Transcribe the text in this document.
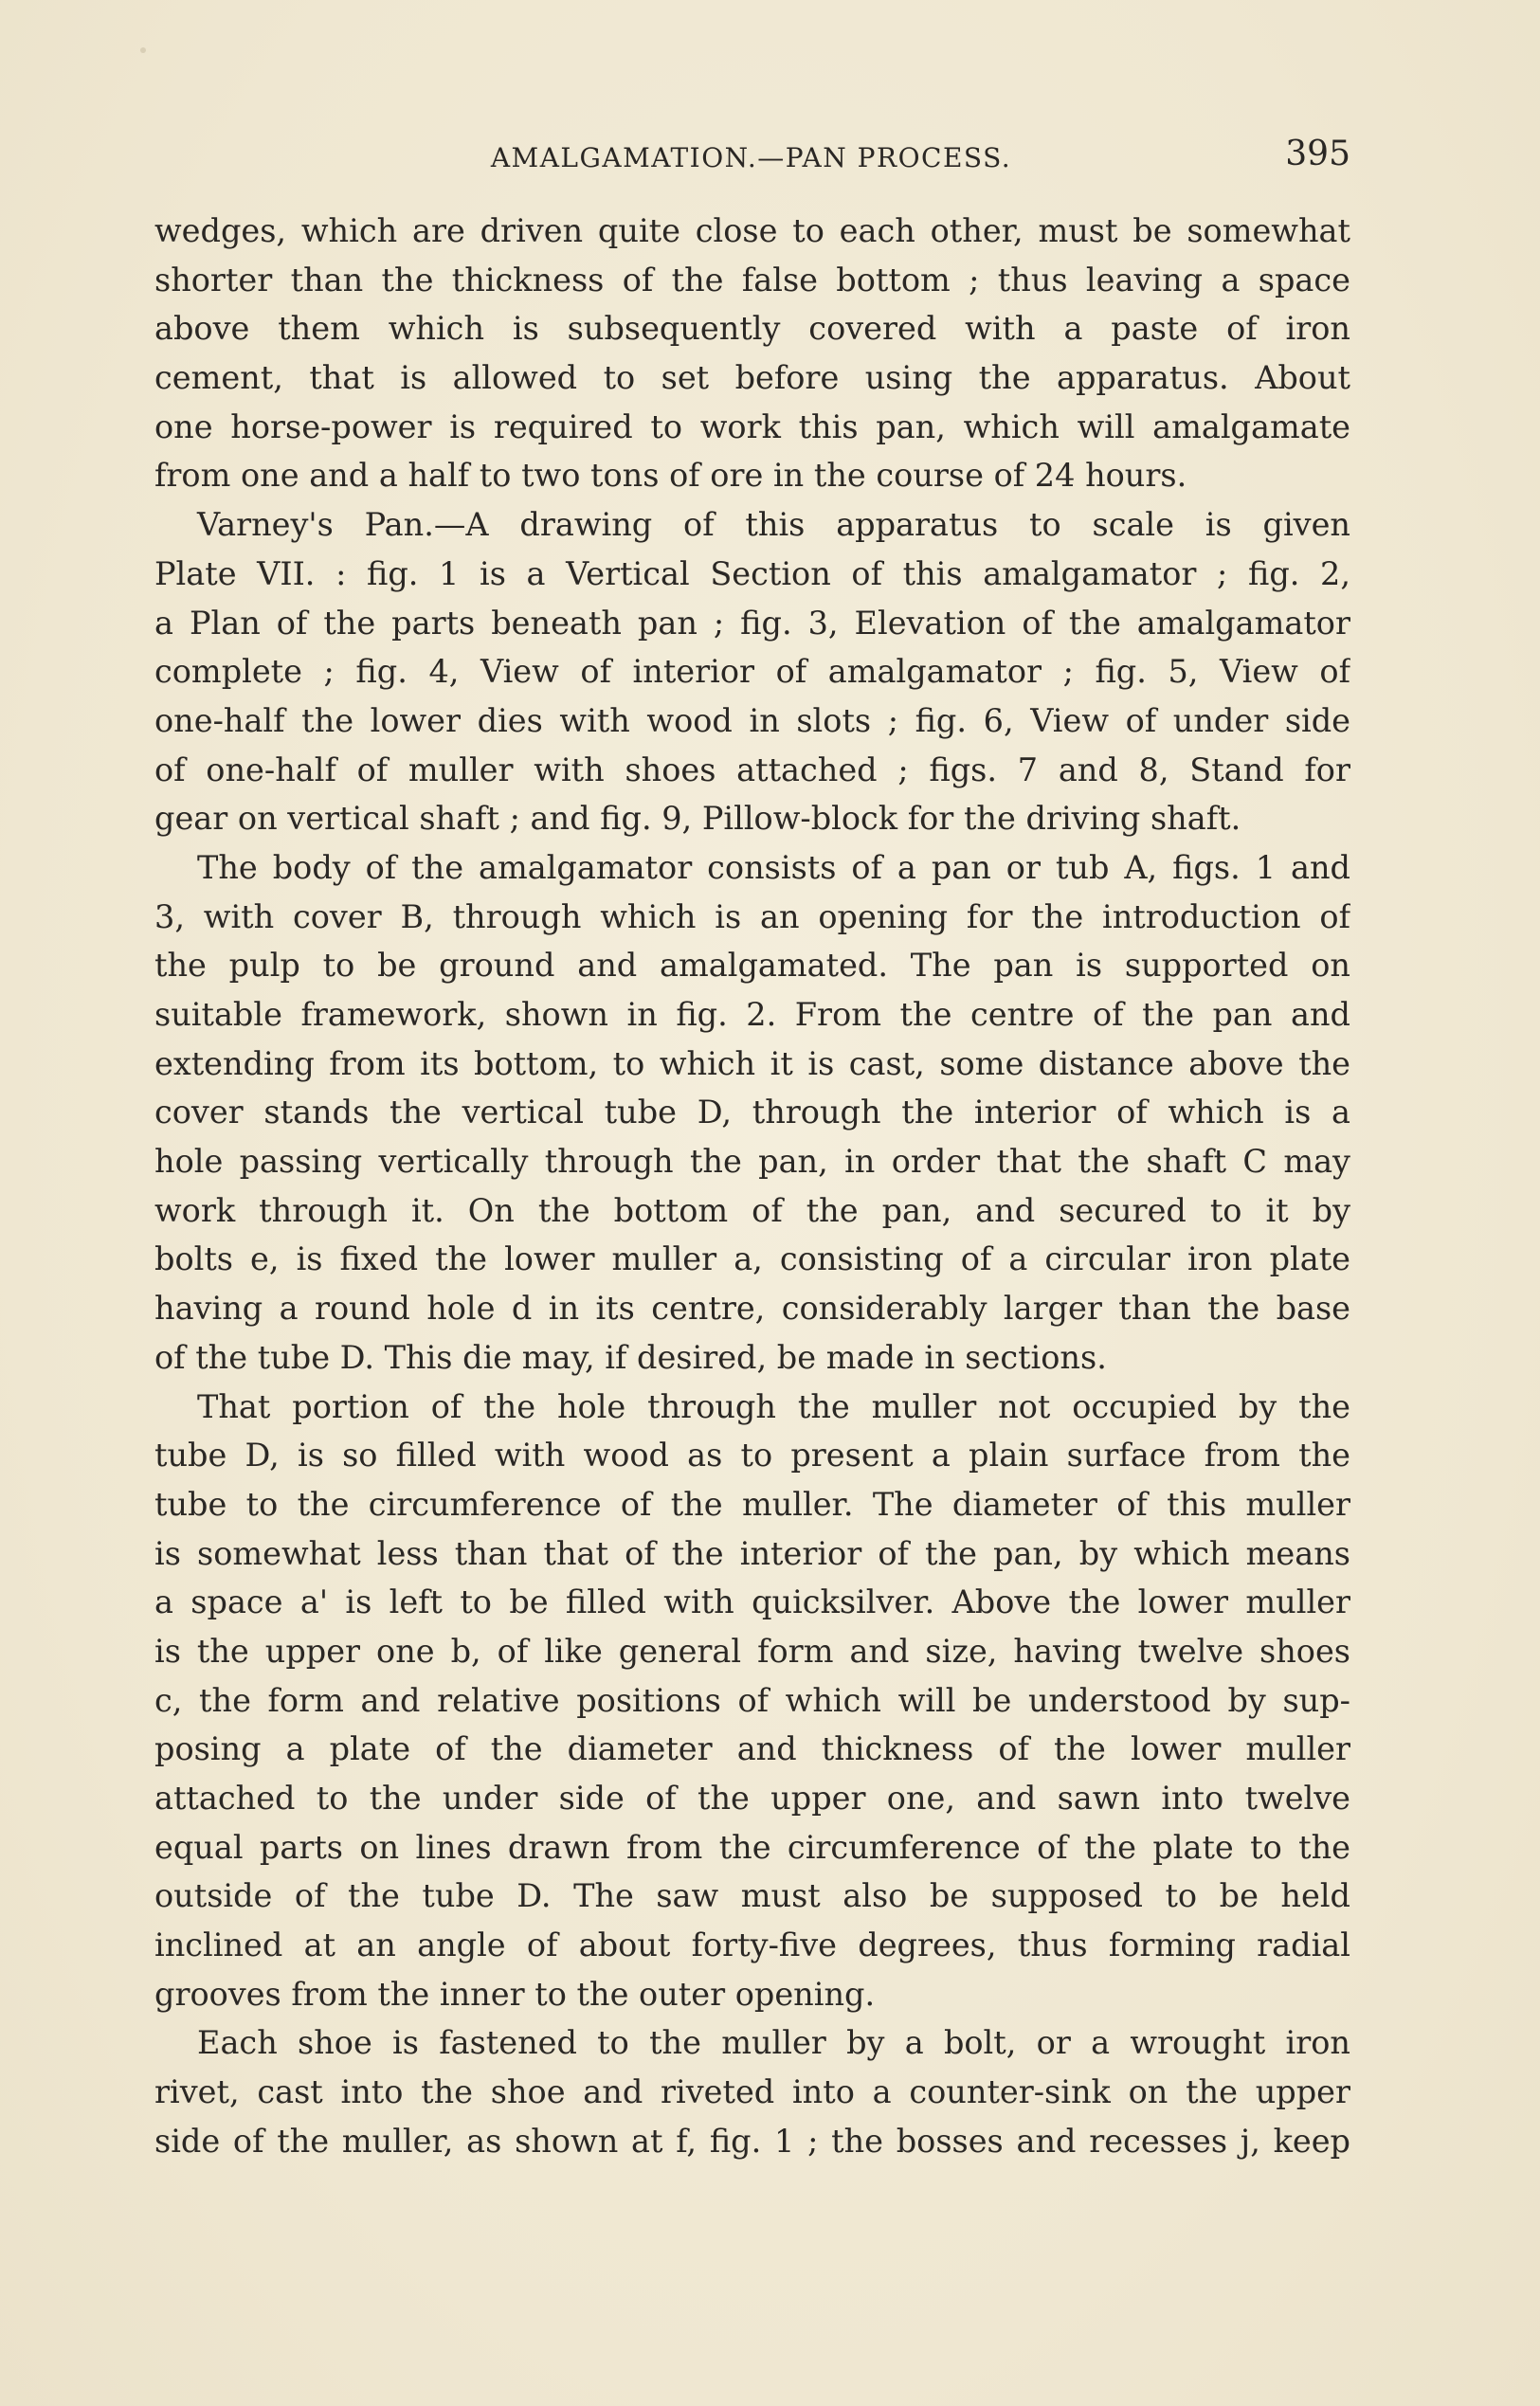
AMALGAMATION.—PAN PROCESS.	395
wedges, which are driven quite close to each other, must be somewhat
shorter than the thickness of the false bottom ; thus leaving a space
above them which is subsequently covered with a paste of iron
cement, that is allowed to set before using the apparatus. About
one horse-power is required to work this pan, which will amalgamate
from one and a half to two tons of ore in the course of 24 hours.
Varney's Pan.—A drawing of this apparatus to scale is given
Plate VII. : fig. 1 is a Vertical Section of this amalgamator ; fig. 2,
a Plan of the parts beneath pan ; fig. 3, Elevation of the amalgamator
complete ; fig. 4, View of interior of amalgamator ; fig. 5, View of
one-half the lower dies with wood in slots ; fig. 6, View of under side
of one-half of muller with shoes attached ; figs. 7 and 8, Stand for
gear on vertical shaft ; and fig. 9, Pillow-block for the driving shaft.
The body of the amalgamator consists of a pan or tub A, figs. 1 and
3, with cover B, through which is an opening for the introduction of
the pulp to be ground and amalgamated. The pan is supported on
suitable framework, shown in fig. 2. From the centre of the pan and
extending from its bottom, to which it is cast, some distance above the
cover stands the vertical tube D, through the interior of which is a
hole passing vertically through the pan, in order that the shaft C may
work through it. On the bottom of the pan, and secured to it by
bolts e, is fixed the lower muller a, consisting of a circular iron plate
having a round hole d in its centre, considerably larger than the base
of the tube D. This die may, if desired, be made in sections.
That portion of the hole through the muller not occupied by the
tube D, is so filled with wood as to present a plain surface from the
tube to the circumference of the muller. The diameter of this muller
is somewhat less than that of the interior of the pan, by which means
a space a' is left to be filled with quicksilver. Above the lower muller
is the upper one b, of like general form and size, having twelve shoes
c, the form and relative positions of which will be understood by sup-
posing a plate of the diameter and thickness of the lower muller
attached to the under side of the upper one, and sawn into twelve
equal parts on lines drawn from the circumference of the plate to the
outside of the tube D. The saw must also be supposed to be held
inclined at an angle of about forty-five degrees, thus forming radial
grooves from the inner to the outer opening.
Each shoe is fastened to the muller by a bolt, or a wrought iron
rivet, cast into the shoe and riveted into a counter-sink on the upper
side of the muller, as shown at f, fig. 1 ; the bosses and recesses j, keep
